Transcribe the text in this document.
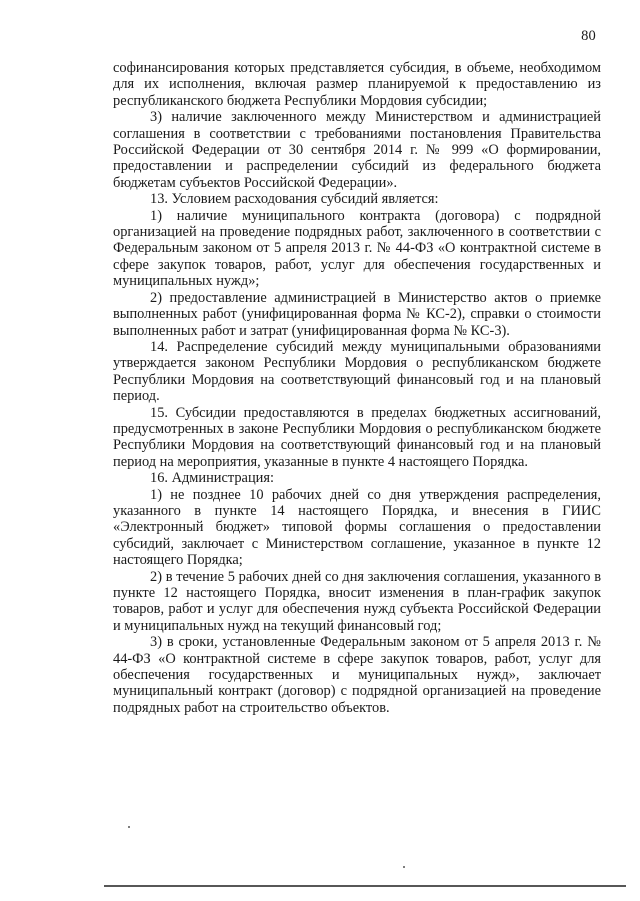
80

софинансирования которых представляется субсидия, в объеме, необходимом для их исполнения, включая размер планируемой к предоставлению из республиканского бюджета Республики Мордовия субсидии;

3) наличие заключенного между Министерством и администрацией соглашения в соответствии с требованиями постановления Правительства Российской Федерации от 30 сентября 2014 г. № 999 «О формировании, предоставлении и распределении субсидий из федерального бюджета бюджетам субъектов Российской Федерации».

13. Условием расходования субсидий является:

1) наличие муниципального контракта (договора) с подрядной организацией на проведение подрядных работ, заключенного в соответствии с Федеральным законом от 5 апреля 2013 г. № 44-ФЗ «О контрактной системе в сфере закупок товаров, работ, услуг для обеспечения государственных и муниципальных нужд»;

2) предоставление администрацией в Министерство актов о приемке выполненных работ (унифицированная форма № КС-2), справки о стоимости выполненных работ и затрат (унифицированная форма № КС-3).

14. Распределение субсидий между муниципальными образованиями утверждается законом Республики Мордовия о республиканском бюджете Республики Мордовия на соответствующий финансовый год и на плановый период.

15. Субсидии предоставляются в пределах бюджетных ассигнований, предусмотренных в законе Республики Мордовия о республиканском бюджете Республики Мордовия на соответствующий финансовый год и на плановый период на мероприятия, указанные в пункте 4 настоящего Порядка.

16. Администрация:

1) не позднее 10 рабочих дней со дня утверждения распределения, указанного в пункте 14 настоящего Порядка, и внесения в ГИИС «Электронный бюджет» типовой формы соглашения о предоставлении субсидий, заключает с Министерством соглашение, указанное в пункте 12 настоящего Порядка;

2) в течение 5 рабочих дней со дня заключения соглашения, указанного в пункте 12 настоящего Порядка, вносит изменения в план-график закупок товаров, работ и услуг для обеспечения нужд субъекта Российской Федерации и муниципальных нужд на текущий финансовый год;

3) в сроки, установленные Федеральным законом от 5 апреля 2013 г. № 44-ФЗ «О контрактной системе в сфере закупок товаров, работ, услуг для обеспечения государственных и муниципальных нужд», заключает муниципальный контракт (договор) с подрядной организацией на проведение подрядных работ на строительство объектов.
